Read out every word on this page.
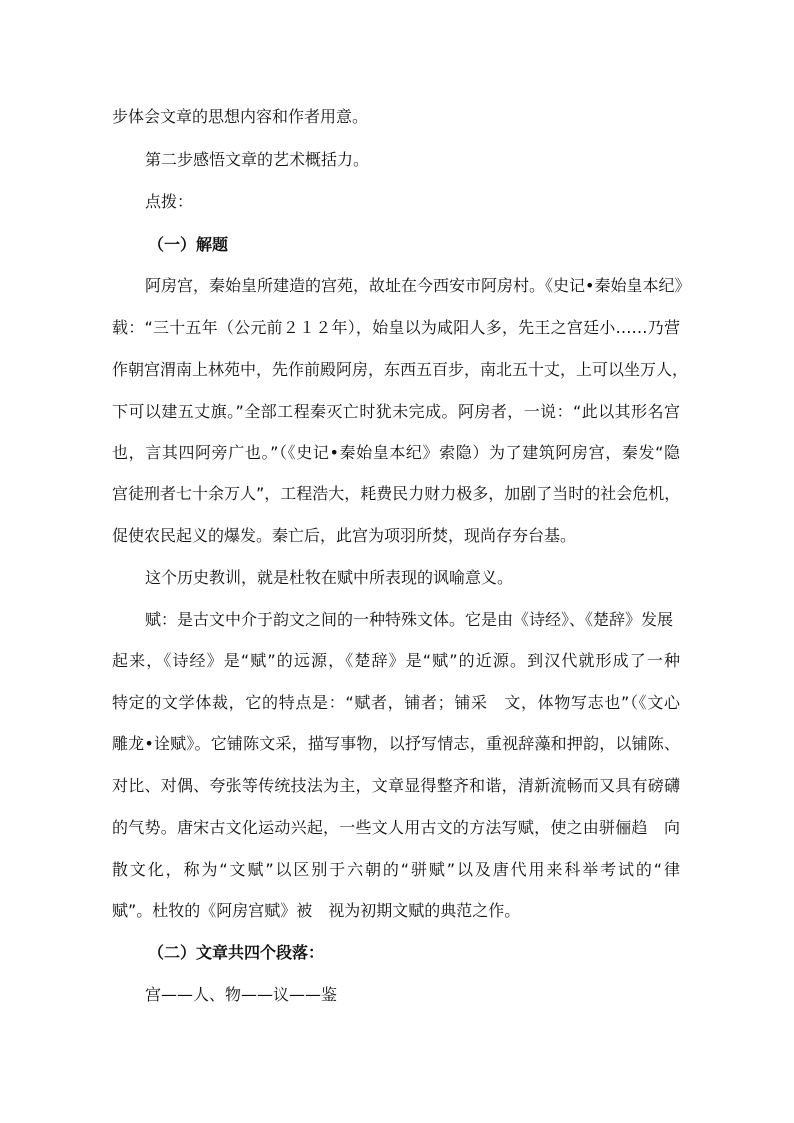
步体会文章的思想内容和作者用意。
第二步感悟文章的艺术概括力。
点拨：
（一）解题
阿房宫，秦始皇所建造的宫苑，故址在今西安市阿房村。《史记•秦始皇本纪》
载：“三十五年（公元前２１２年），始皇以为咸阳人多，先王之宫廷小……乃营
作朝宫渭南上林苑中，先作前殿阿房，东西五百步，南北五十丈，上可以坐万人，
下可以建五丈旗。”全部工程秦灭亡时犹未完成。阿房者，一说：“此以其形名宫
也，言其四阿旁广也。”（《史记•秦始皇本纪》索隐）为了建筑阿房宫，秦发“隐
宫徒刑者七十余万人”，工程浩大，耗费民力财力极多，加剧了当时的社会危机，
促使农民起义的爆发。秦亡后，此宫为项羽所焚，现尚存夯台基。
这个历史教训，就是杜牧在赋中所表现的讽喻意义。
赋：是古文中介于韵文之间的一种特殊文体。它是由《诗经》、《楚辞》发展
起来，《诗经》是“赋”的远源，《楚辞》是“赋”的近源。到汉代就形成了一种
特定的文学体裁，它的特点是：“赋者，铺者；铺采　文，体物写志也”（《文心
雕龙•诠赋》。它铺陈文采，描写事物，以抒写情志，重视辞藻和押韵，以铺陈、
对比、对偶、夸张等传统技法为主，文章显得整齐和谐，清新流畅而又具有磅礴
的气势。唐宋古文化运动兴起，一些文人用古文的方法写赋，使之由骈俪趋　向
散文化，称为“文赋”以区别于六朝的“骈赋”以及唐代用来科举考试的“律
赋”。杜牧的《阿房宫赋》被　视为初期文赋的典范之作。
（二）文章共四个段落：
宫——人、物——议——鉴
